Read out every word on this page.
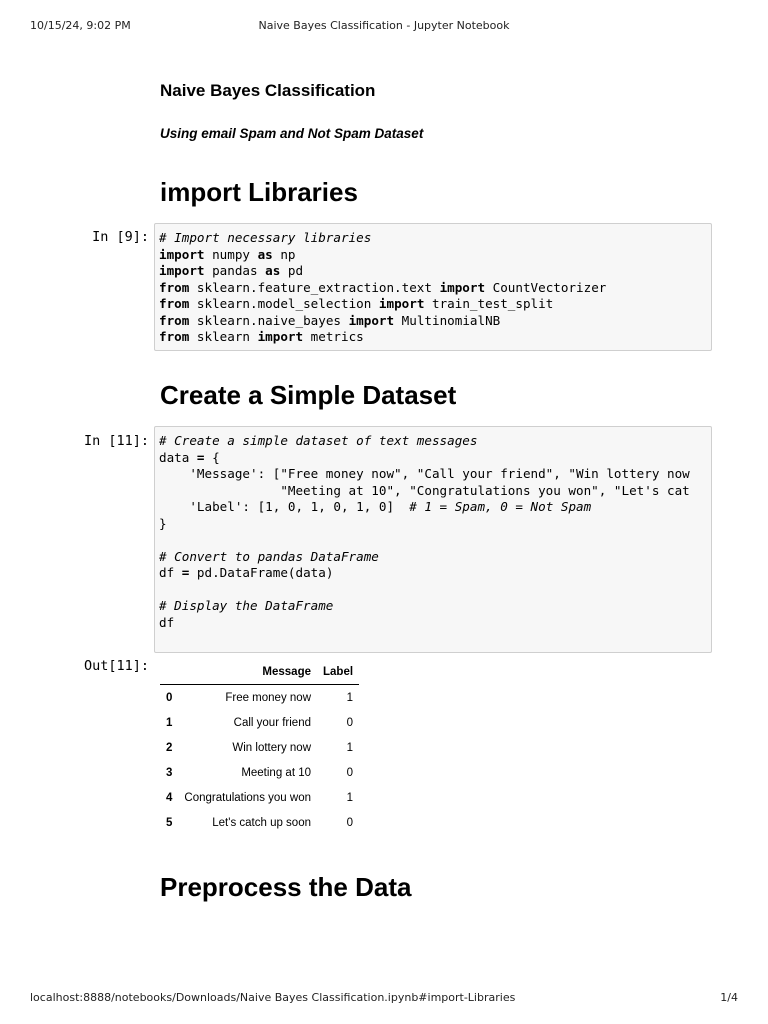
10/15/24, 9:02 PM	Naive Bayes Classification - Jupyter Notebook
Naive Bayes Classification
Using email Spam and Not Spam Dataset
import Libraries
In [9]: # Import necessary libraries
import numpy as np
import pandas as pd
from sklearn.feature_extraction.text import CountVectorizer
from sklearn.model_selection import train_test_split
from sklearn.naive_bayes import MultinomialNB
from sklearn import metrics
Create a Simple Dataset
In [11]: # Create a simple dataset of text messages
data = {
'Message': ["Free money now", "Call your friend", "Win lottery now
"Meeting at 10", "Congratulations you won", "Let's cat
'Label': [1, 0, 1, 0, 1, 0]  # 1 = Spam, 0 = Not Spam
}

# Convert to pandas DataFrame
df = pd.DataFrame(data)

# Display the DataFrame
df
Out[11]:
		Message	Label
0	Free money now	1
1	Call your friend	0
2	Win lottery now	1
3	Meeting at 10	0
4	Congratulations you won	1
5	Let's catch up soon	0
Preprocess the Data
localhost:8888/notebooks/Downloads/Naive Bayes Classification.ipynb#import-Libraries	1/4
